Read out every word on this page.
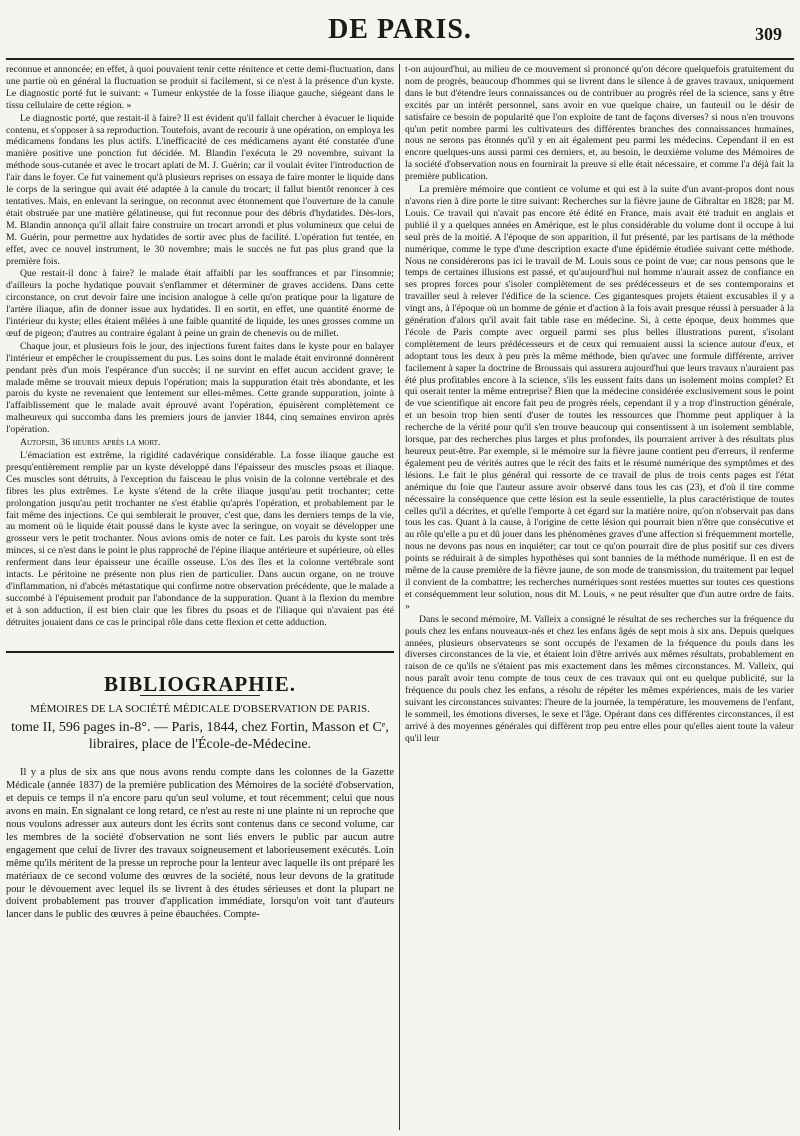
DE PARIS.	309

reconnue et annoncée; en effet, à quoi pouvaient tenir cette rénitence et cette demi-fluctuation, dans une partie où en général la fluctuation se produit si facilement, si ce n'est à la présence d'un kyste. Le diagnostic porté fut le suivant: « Tumeur enkystée de la fosse iliaque gauche, siégeant dans le tissu cellulaire de cette région. »

Le diagnostic porté, que restait-il à faire? Il est évident qu'il fallait chercher à évacuer le liquide contenu, et s'opposer à sa reproduction. Toutefois, avant de recourir à une opération, on employa les médicamens fondans les plus actifs. L'inefficacité de ces médicamens ayant été constatée d'une manière positive une ponction fut décidée. M. Blandin l'exécuta le 29 novembre, suivant la méthode sous-cutanée et avec le trocart aplati de M. J. Guérin; car il voulait éviter l'introduction de l'air dans le foyer. Ce fut vainement qu'à plusieurs reprises on essaya de faire monter le liquide dans le corps de la seringue qui avait été adaptée à la canule du trocart; il fallut bientôt renoncer à ces tentatives. Mais, en enlevant la seringue, on reconnut avec étonnement que l'ouverture de la canule était obstruée par une matière gélatineuse, qui fut reconnue pour des débris d'hydatides. Dès-lors, M. Blandin annonça qu'il allait faire construire un trocart arrondi et plus volumineux que celui de M. Guérin, pour permettre aux hydatides de sortir avec plus de facilité. L'opération fut tentée, en effet, avec ce nouvel instrument, le 30 novembre; mais le succès ne fut pas plus grand que la première fois.

Que restait-il donc à faire? le malade était affaibli par les souffrances et par l'insomnie; d'ailleurs la poche hydatique pouvait s'enflammer et déterminer de graves accidens. Dans cette circonstance, on crut devoir faire une incision analogue à celle qu'on pratique pour la ligature de l'artère iliaque, afin de donner issue aux hydatides. Il en sortit, en effet, une quantité énorme de l'intérieur du kyste; elles étaient mêlées à une faible quantité de liquide, les unes grosses comme un œuf de pigeon; d'autres au contraire égalant à peine un grain de chenevis ou de millet.

Chaque jour, et plusieurs fois le jour, des injections furent faites dans le kyste pour en balayer l'intérieur et empêcher le croupissement du pus. Les soins dont le malade était environné donnèrent pendant près d'un mois l'espérance d'un succès; il ne survint en effet aucun accident grave; le malade même se trouvait mieux depuis l'opération; mais la suppuration était très abondante, et les parois du kyste ne revenaient que lentement sur elles-mêmes. Cette grande suppuration, jointe à l'affaiblissement que le malade avait éprouvé avant l'opération, épuisèrent complètement ce malheureux qui succomba dans les premiers jours de janvier 1844, cinq semaines environ après l'opération.

Autopsie, 36 heures après la mort.

L'émaciation est extrême, la rigidité cadavérique considérable. La fosse iliaque gauche est presqu'entièrement remplie par un kyste développé dans l'épaisseur des muscles psoas et iliaque. Ces muscles sont détruits, à l'exception du faisceau le plus voisin de la colonne vertébrale et des fibres les plus extrêmes. Le kyste s'étend de la crête iliaque jusqu'au petit trochanter; cette prolongation jusqu'au petit trochanter ne s'est établie qu'après l'opération, et probablement par le fait même des injections. Ce qui semblerait le prouver, c'est que, dans les derniers temps de la vie, au moment où le liquide était poussé dans le kyste avec la seringue, on voyait se développer une grosseur vers le petit trochanter. Nous avions omis de noter ce fait. Les parois du kyste sont très minces, si ce n'est dans le point le plus rapproché de l'épine iliaque antérieure et supérieure, où elles renferment dans leur épaisseur une écaille osseuse. L'os des îles et la colonne vertébrale sont intacts. Le péritoine ne présente non plus rien de particulier. Dans aucun organe, on ne trouve d'inflammation, ni d'abcès métastatique qui confirme notre observation précédente, que le malade a succombé à l'épuisement produit par l'abondance de la suppuration. Quant à la flexion du membre et à son adduction, il est bien clair que les fibres du psoas et de l'iliaque qui n'avaient pas été détruites jouaient dans ce cas le principal rôle dans cette flexion et cette adduction.

BIBLIOGRAPHIE.
MÉMOIRES DE LA SOCIÉTÉ MÉDICALE D'OBSERVATION DE PARIS.
tome II, 596 pages in-8°. — Paris, 1844, chez Fortin, Masson et Cᵉ, libraires, place de l'École-de-Médecine.

Il y a plus de six ans que nous avons rendu compte dans les colonnes de la Gazette Médicale (année 1837) de la première publication des Mémoires de la société d'observation, et depuis ce temps il n'a encore paru qu'un seul volume, et tout récemment; celui que nous avons en main. En signalant ce long retard, ce n'est au reste ni une plainte ni un reproche que nous voulons adresser aux auteurs dont les écrits sont contenus dans ce second volume, car les membres de la société d'observation ne sont liés envers le public par aucun autre engagement que celui de livrer des travaux soigneusement et laborieusement exécutés. Loin même qu'ils méritent de la presse un reproche pour la lenteur avec laquelle ils ont préparé les matériaux de ce second volume des œuvres de la société, nous leur devons de la gratitude pour le dévouement avec lequel ils se livrent à des études sérieuses et dont la plupart ne doivent probablement pas trouver d'application immédiate, lorsqu'on voit tant d'auteurs lancer dans le public des œuvres à peine ébauchées. Compte-

t-on aujourd'hui, au milieu de ce mouvement si prononcé qu'on décore quelquefois gratuitement du nom de progrès, beaucoup d'hommes qui se livrent dans le silence à de graves travaux, uniquement dans le but d'étendre leurs connaissances ou de contribuer au progrès réel de la science, sans y être excités par un intérêt personnel, sans avoir en vue quelque chaire, un fauteuil ou le désir de satisfaire ce besoin de popularité que l'on exploite de tant de façons diverses? si nous n'en trouvons qu'un petit nombre parmi les cultivateurs des différentes branches des connaissances humaines, nous ne serons pas étonnés qu'il y en ait également peu parmi les médecins. Cependant il en est encore quelques-uns aussi parmi ces derniers, et, au besoin, le deuxième volume des Mémoires de la société d'observation nous en fournirait la preuve si elle était nécessaire, et comme l'a déjà fait la première publication.

La première mémoire que contient ce volume et qui est à la suite d'un avant-propos dont nous n'avons rien à dire porte le titre suivant: Recherches sur la fièvre jaune de Gibraltar en 1828; par M. Louis. Ce travail qui n'avait pas encore été édité en France, mais avait été traduit en anglais et publié il y a quelques années en Amérique, est le plus considérable du volume dont il occupe à lui seul près de la moitié. A l'époque de son apparition, il fut présenté, par les partisans de la méthode numérique, comme le type d'une description exacte d'une épidémie étudiée suivant cette méthode. Nous ne considérerons pas ici le travail de M. Louis sous ce point de vue; car nous pensons que le temps de certaines illusions est passé, et qu'aujourd'hui nul homme n'aurait assez de confiance en ses propres forces pour s'isoler complètement de ses prédécesseurs et de ses contemporains et travailler seul à relever l'édifice de la science. Ces gigantesques projets étaient excusables il y a vingt ans, à l'époque où un homme de génie et d'action à la fois avait presque réussi à persuader à la génération d'alors qu'il avait fait table rase en médecine. Si, à cette époque, deux hommes que l'école de Paris compte avec orgueil parmi ses plus belles illustrations purent, s'isolant complètement de leurs prédécesseurs et de ceux qui remuaient aussi la science autour d'eux, et adoptant tous les deux à peu près la même méthode, bien qu'avec une formule différente, arriver facilement à saper la doctrine de Broussais qui assurera aujourd'hui que leurs travaux n'auraient pas été plus profitables encore à la science, s'ils les eussent faits dans un isolement moins complet? Et qui oserait tenter la même entreprise? Bien que la médecine considérée exclusivement sous le point de vue scientifique ait encore fait peu de progrès réels, cependant il y a trop d'instruction générale, et un besoin trop bien senti d'user de toutes les ressources que l'homme peut appliquer à la recherche de la vérité pour qu'il s'en trouve beaucoup qui consentissent à un isolement semblable, lorsque, par des recherches plus larges et plus profondes, ils pourraient arriver à des résultats plus heureux peut-être. Par exemple, si le mémoire sur la fièvre jaune contient peu d'erreurs, il renferme également peu de vérités autres que le récit des faits et le résumé numérique des symptômes et des lésions. Le fait le plus général qui ressorte de ce travail de plus de trois cents pages est l'état anémique du foie que l'auteur assure avoir observé dans tous les cas (23), et d'où il tire comme nécessaire la conséquence que cette lésion est la seule essentielle, la plus caractéristique de toutes celles qu'il a décrites, et qu'elle l'emporte à cet égard sur la matière noire, qu'on n'observait pas dans tous les cas. Quant à la cause, à l'origine de cette lésion qui pourrait bien n'être que consécutive et au rôle qu'elle a pu et dû jouer dans les phénomènes graves d'une affection si fréquemment mortelle, nous ne devons pas nous en inquiéter; car tout ce qu'on pourrait dire de plus positif sur ces divers points se réduirait à de simples hypothèses qui sont bannies de la méthode numérique. Il en est de même de la cause première de la fièvre jaune, de son mode de transmission, du traitement par lequel il convient de la combattre; les recherches numériques sont restées muettes sur toutes ces questions et conséquemment leur solution, nous dit M. Louis, « ne peut résulter que d'un autre ordre de faits. »

Dans le second mémoire, M. Valleix a consigné le résultat de ses recherches sur la fréquence du pouls chez les enfans nouveaux-nés et chez les enfans âgés de sept mois à six ans. Depuis quelques années, plusieurs observateurs se sont occupés de l'examen de la fréquence du pouls dans les diverses circonstances de la vie, et étaient loin d'être arrivés aux mêmes résultats, probablement en raison de ce qu'ils ne s'étaient pas mis exactement dans les mêmes circonstances. M. Valleix, qui nous paraît avoir tenu compte de tous ceux de ces travaux qui ont eu quelque publicité, sur la fréquence du pouls chez les enfans, a résolu de répéter les mêmes expériences, mais de les varier suivant les circonstances suivantes: l'heure de la journée, la température, les mouvemens de l'enfant, le sommeil, les émotions diverses, le sexe et l'âge. Opérant dans ces différentes circonstances, il est arrivé à des moyennes générales qui diffèrent trop peu entre elles pour qu'elles aient toute la valeur qu'il leur
